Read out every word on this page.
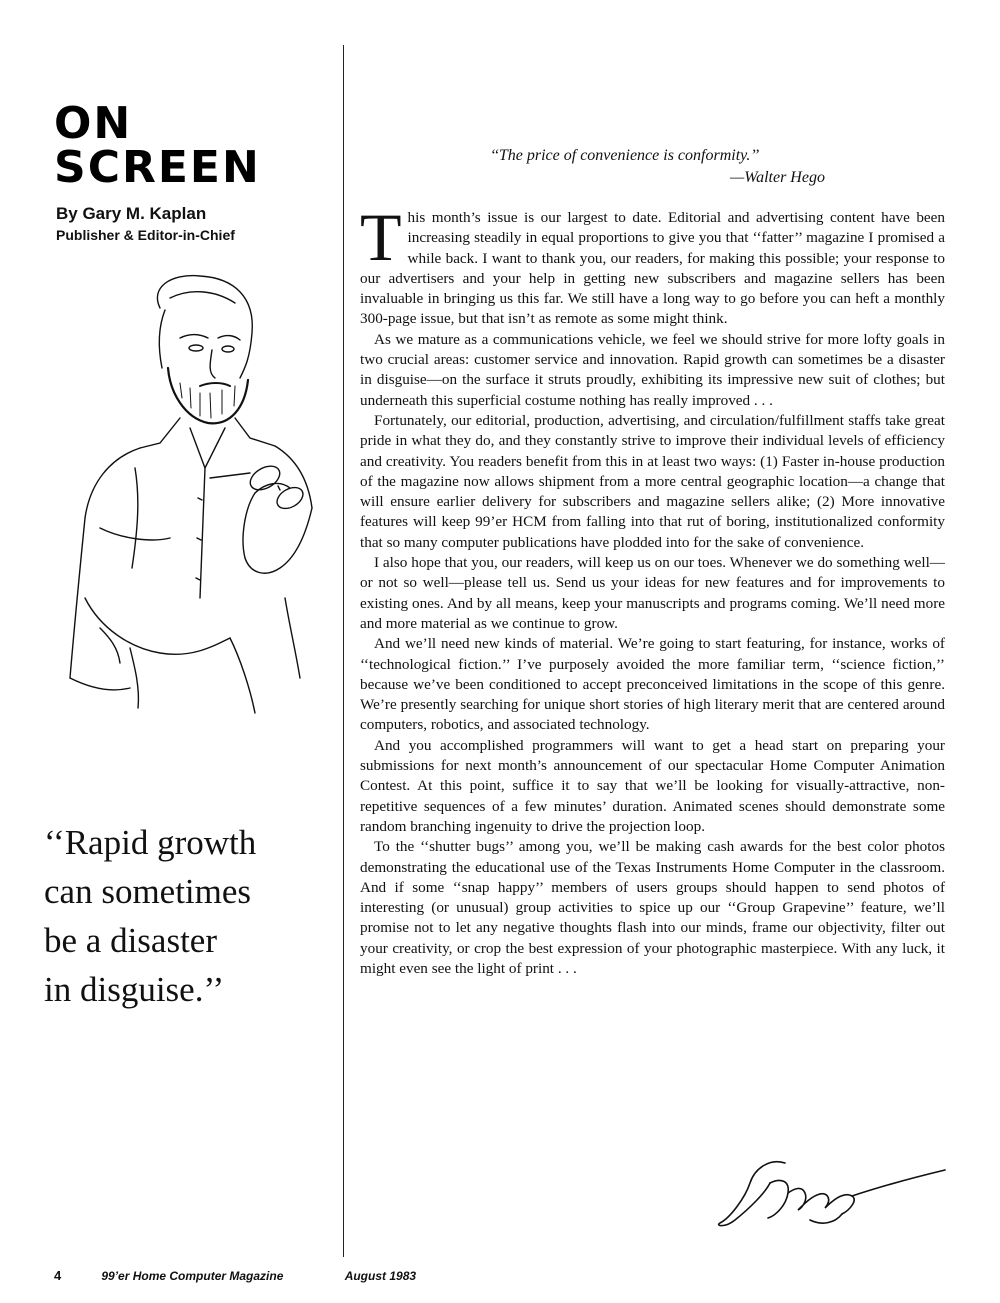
ON
SCREEN
By Gary M. Kaplan
Publisher & Editor-in-Chief
‘‘Rapid growth
can sometimes
be a disaster
in disguise.’’
‘‘The price of convenience is conformity.’’
—Walter Hego

This month’s issue is our largest to date. Editorial and advertising content have been increasing steadily in equal proportions to give you that ‘‘fatter’’ magazine I promised a while back. I want to thank you, our readers, for making this possible; your response to our advertisers and your help in getting new subscribers and magazine sellers has been invaluable in bringing us this far. We still have a long way to go before you can heft a monthly 300-page issue, but that isn’t as remote as some might think.

As we mature as a communications vehicle, we feel we should strive for more lofty goals in two crucial areas: customer service and innovation. Rapid growth can sometimes be a disaster in disguise—on the surface it struts proudly, exhibiting its impressive new suit of clothes; but underneath this superficial costume nothing has really improved . . .

Fortunately, our editorial, production, advertising, and circulation/fulfillment staffs take great pride in what they do, and they constantly strive to improve their individual levels of efficiency and creativity. You readers benefit from this in at least two ways: (1) Faster in-house production of the magazine now allows shipment from a more central geographic location—a change that will ensure earlier delivery for subscribers and magazine sellers alike; (2) More innovative features will keep 99’er HCM from falling into that rut of boring, institutionalized conformity that so many computer publications have plodded into for the sake of convenience.

I also hope that you, our readers, will keep us on our toes. Whenever we do something well—or not so well—please tell us. Send us your ideas for new features and for improvements to existing ones. And by all means, keep your manuscripts and programs coming. We’ll need more and more material as we continue to grow.

And we’ll need new kinds of material. We’re going to start featuring, for instance, works of ‘‘technological fiction.’’ I’ve purposely avoided the more familiar term, ‘‘science fiction,’’ because we’ve been conditioned to accept preconceived limitations in the scope of this genre. We’re presently searching for unique short stories of high literary merit that are centered around computers, robotics, and associated technology.

And you accomplished programmers will want to get a head start on preparing your submissions for next month’s announcement of our spectacular Home Computer Animation Contest. At this point, suffice it to say that we’ll be looking for visually-attractive, non-repetitive sequences of a few minutes’ duration. Animated scenes should demonstrate some random branching ingenuity to drive the projection loop.

To the ‘‘shutter bugs’’ among you, we’ll be making cash awards for the best color photos demonstrating the educational use of the Texas Instruments Home Computer in the classroom. And if some ‘‘snap happy’’ members of users groups should happen to send photos of interesting (or unusual) group activities to spice up our ‘‘Group Grapevine’’ feature, we’ll promise not to let any negative thoughts flash into our minds, frame our objectivity, filter out your creativity, or crop the best expression of your photographic masterpiece. With any luck, it might even see the light of print . . .

4	99’er Home Computer Magazine	August 1983
